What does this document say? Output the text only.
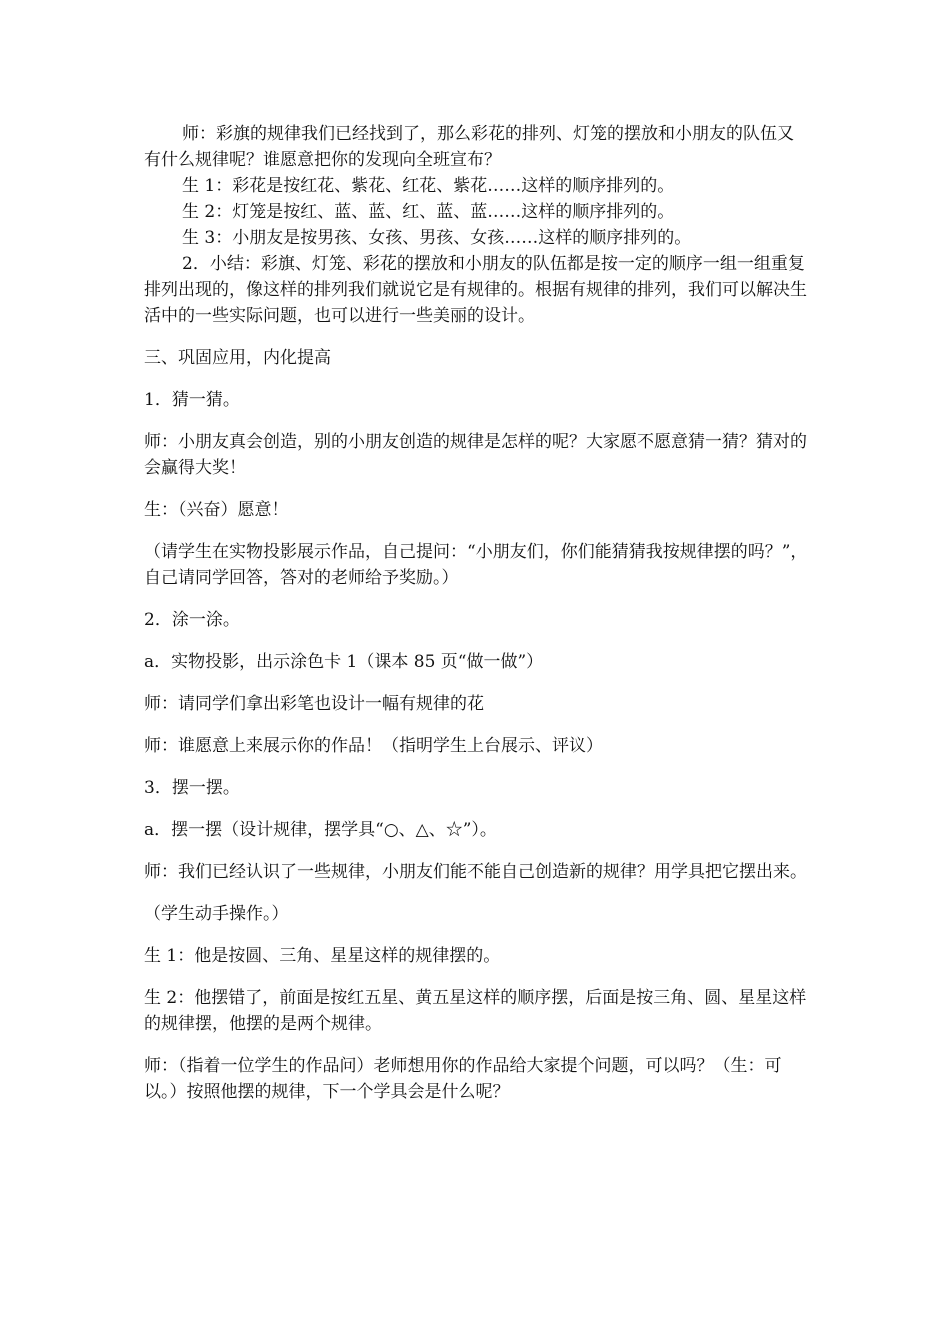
师：彩旗的规律我们已经找到了，那么彩花的排列、灯笼的摆放和小朋友的队伍又有什么规律呢？谁愿意把你的发现向全班宣布？

生 1：彩花是按红花、紫花、红花、紫花……这样的顺序排列的。

生 2：灯笼是按红、蓝、蓝、红、蓝、蓝……这样的顺序排列的。

生 3：小朋友是按男孩、女孩、男孩、女孩……这样的顺序排列的。

2．小结：彩旗、灯笼、彩花的摆放和小朋友的队伍都是按一定的顺序一组一组重复排列出现的，像这样的排列我们就说它是有规律的。根据有规律的排列，我们可以解决生活中的一些实际问题，也可以进行一些美丽的设计。

三、巩固应用，内化提高

1．猜一猜。

师：小朋友真会创造，别的小朋友创造的规律是怎样的呢？大家愿不愿意猜一猜？猜对的会赢得大奖！

生：（兴奋）愿意！

（请学生在实物投影展示作品，自己提问：“小朋友们，你们能猜猜我按规律摆的吗？”，自己请同学回答，答对的老师给予奖励。）

2．涂一涂。

a．实物投影，出示涂色卡 1（课本 85 页“做一做”）

师：请同学们拿出彩笔也设计一幅有规律的花

师：谁愿意上来展示你的作品！（指明学生上台展示、评议）

3．摆一摆。

a．摆一摆（设计规律，摆学具“○、△、☆”）。

师：我们已经认识了一些规律，小朋友们能不能自己创造新的规律？用学具把它摆出来。

（学生动手操作。）

生 1：他是按圆、三角、星星这样的规律摆的。

生 2：他摆错了，前面是按红五星、黄五星这样的顺序摆，后面是按三角、圆、星星这样的规律摆，他摆的是两个规律。

师：（指着一位学生的作品问）老师想用你的作品给大家提个问题，可以吗？（生：可以。）按照他摆的规律，下一个学具会是什么呢？
